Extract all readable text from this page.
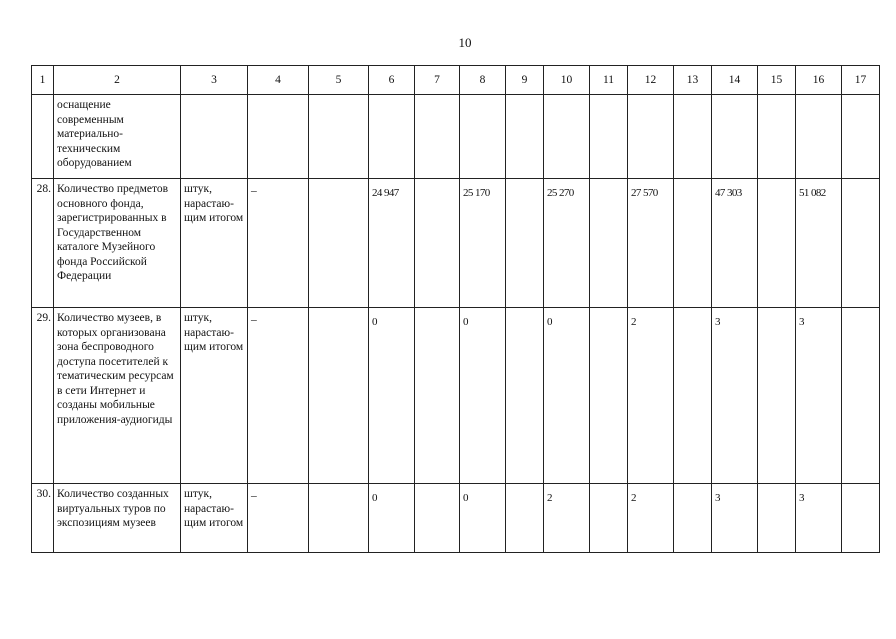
10
1	2	3	4	5	6	7	8	9	10	11	12	13	14	15	16	17

	оснащение современным материально-техническим оборудованием															

28.	Количество предметов основного фонда, зарегистрированных в Государственном каталоге Музейного фонда Российской Федерации	штук, нарастаю-щим итогом	–		24 947		25 170		25 270		27 570		47 303		51 082	

29.	Количество музеев, в которых организована зона беспроводного доступа посетителей к тематическим ресурсам в сети Интернет и созданы мобильные приложения-аудиогиды	штук, нарастаю-щим итогом	–		0		0		0		2		3		3	

30.	Количество созданных виртуальных туров по экспозициям музеев	штук, нарастаю-щим итогом	–		0		0		2		2		3		3	
